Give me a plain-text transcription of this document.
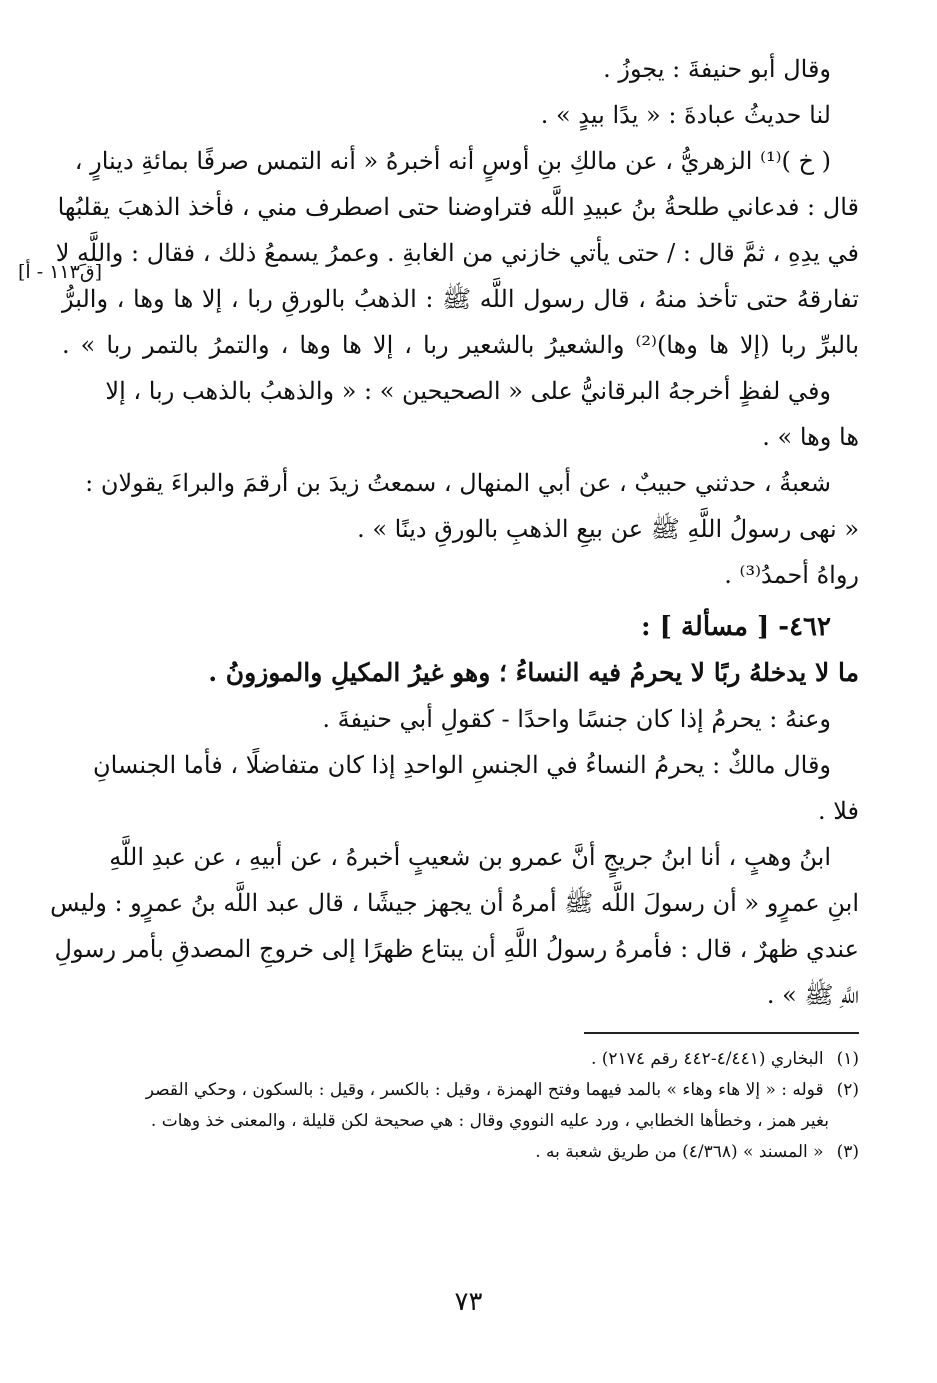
[ق١١٣ - أ]

وقال أبو حنيفةَ : يجوزُ .

لنا حديثُ عبادةَ : « يدًا بيدٍ » .

( خ )⁽¹⁾ الزهريُّ ، عن مالكِ بنِ أوسٍ أنه أخبرهُ « أنه التمس صرفًا بمائةِ دينارٍ ،

قال : فدعاني طلحةُ بنُ عبيدِ اللَّه فتراوضنا حتى اصطرف مني ، فأخذ الذهبَ يقلبُها

في يدِهِ ، ثمَّ قال : / حتى يأتي خازني من الغابةِ . وعمرُ يسمعُ ذلك ، فقال : واللَّهِ لا

تفارقهُ حتى تأخذ منهُ ، قال رسول اللَّه ﷺ : الذهبُ بالورقِ ربا ، إلا ها وها ، والبرُّ

بالبرِّ ربا (إلا ها وها)⁽²⁾ والشعيرُ بالشعير ربا ، إلا ها وها ، والتمرُ بالتمر ربا » .

وفي لفظٍ أخرجهُ البرقانيُّ على « الصحيحين » : « والذهبُ بالذهب ربا ، إلا

ها وها » .

شعبةُ ، حدثني حبيبٌ ، عن أبي المنهال ، سمعتُ زيدَ بن أرقمَ والبراءَ يقولان :

« نهى رسولُ اللَّهِ ﷺ عن بيعِ الذهبِ بالورقِ دينًا » .

رواهُ أحمدُ⁽³⁾ .

٤٦٢- [ مسألة ] :

ما لا يدخلهُ ربًا لا يحرمُ فيه النساءُ ؛ وهو غيرُ المكيلِ والموزونُ .

وعنهُ : يحرمُ إذا كان جنسًا واحدًا - كقولِ أبي حنيفةَ .

وقال مالكٌ : يحرمُ النساءُ في الجنسِ الواحدِ إذا كان متفاضلًا ، فأما الجنسانِ

فلا .

ابنُ وهبٍ ، أنا ابنُ جريجٍ أنَّ عمرو بن شعيبٍ أخبرهُ ، عن أبيهِ ، عن عبدِ اللَّهِ

ابنِ عمرٍو « أن رسولَ اللَّه ﷺ أمرهُ أن يجهز جيشًا ، قال عبد اللَّه بنُ عمرٍو : وليس

عندي ظهرٌ ، قال : فأمرهُ رسولُ اللَّهِ أن يبتاع ظهرًا إلى خروجِ المصدقِ بأمر رسولِ

اللَّهِ ﷺ » .

(١) البخاري (٤/٤٤١-٤٤٢ رقم ٢١٧٤) .
(٢) قوله : « إلا هاء وهاء » بالمد فيهما وفتح الهمزة ، وقيل : بالكسر ، وقيل : بالسكون ، وحكي القصر
بغير همز ، وخطأها الخطابي ، ورد عليه النووي وقال : هي صحيحة لكن قليلة ، والمعنى خذ وهات .
(٣) « المسند » (٤/٣٦٨) من طريق شعبة به .
٧٣
